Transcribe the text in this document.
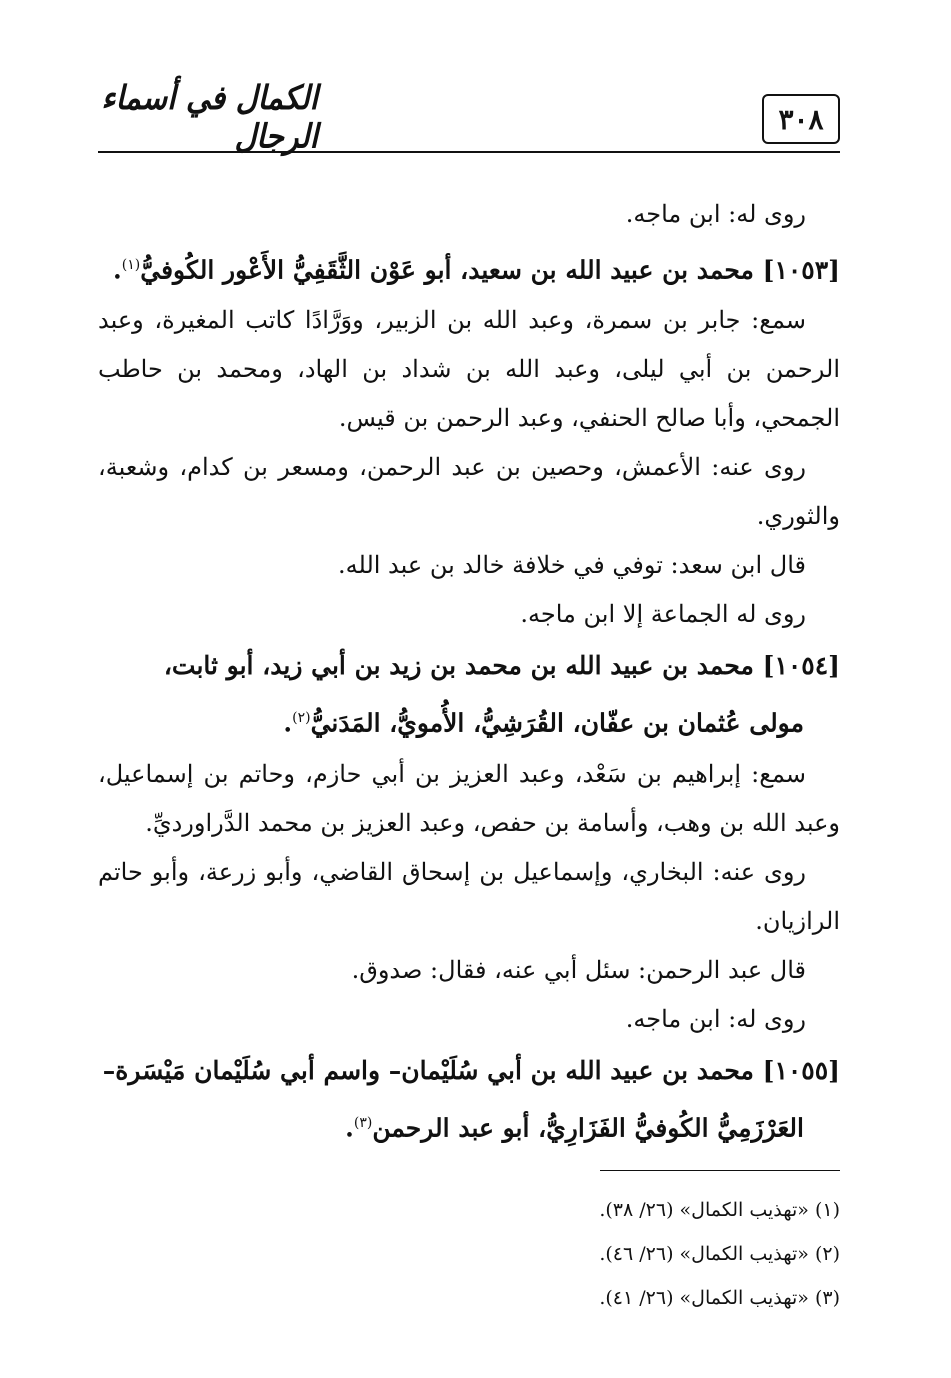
الكمال في أسماء الرجال	٣٠٨

روى له: ابن ماجه.

[١٠٥٣] محمد بن عبيد الله بن سعيد، أبو عَوْن الثَّقَفِيُّ الأَعْور الكُوفيُّ$^{(١)}$.

سمع: جابر بن سمرة، وعبد الله بن الزبير، ووَرَّادًا كاتب المغيرة، وعبد الرحمن بن أبي ليلى، وعبد الله بن شداد بن الهاد، ومحمد بن حاطب الجمحي، وأبا صالح الحنفي، وعبد الرحمن بن قيس.

روى عنه: الأعمش، وحصين بن عبد الرحمن، ومسعر بن كدام، وشعبة، والثوري.

قال ابن سعد: توفي في خلافة خالد بن عبد الله.

روى له الجماعة إلا ابن ماجه.

[١٠٥٤] محمد بن عبيد الله بن محمد بن زيد بن أبي زيد، أبو ثابت،
مولى عُثمان بن عفّان، القُرَشِيُّ، الأُمويُّ، المَدَنيُّ$^{(٢)}$.

سمع: إبراهيم بن سَعْد، وعبد العزيز بن أبي حازم، وحاتم بن إسماعيل، وعبد الله بن وهب، وأسامة بن حفص، وعبد العزيز بن محمد الدَّراورديِّ.

روى عنه: البخاري، وإسماعيل بن إسحاق القاضي، وأبو زرعة، وأبو حاتم الرازيان.

قال عبد الرحمن: سئل أبي عنه، فقال: صدوق.

روى له: ابن ماجه.

[١٠٥٥] محمد بن عبيد الله بن أبي سُلَيْمان– واسم أبي سُلَيْمان مَيْسَرة–
العَرْزَمِيُّ الكُوفيُّ الفَزَارِيُّ، أبو عبد الرحمن$^{(٣)}$.

(١) «تهذيب الكمال» (٢٦/ ٣٨).
(٢) «تهذيب الكمال» (٢٦/ ٤٦).
(٣) «تهذيب الكمال» (٢٦/ ٤١).
